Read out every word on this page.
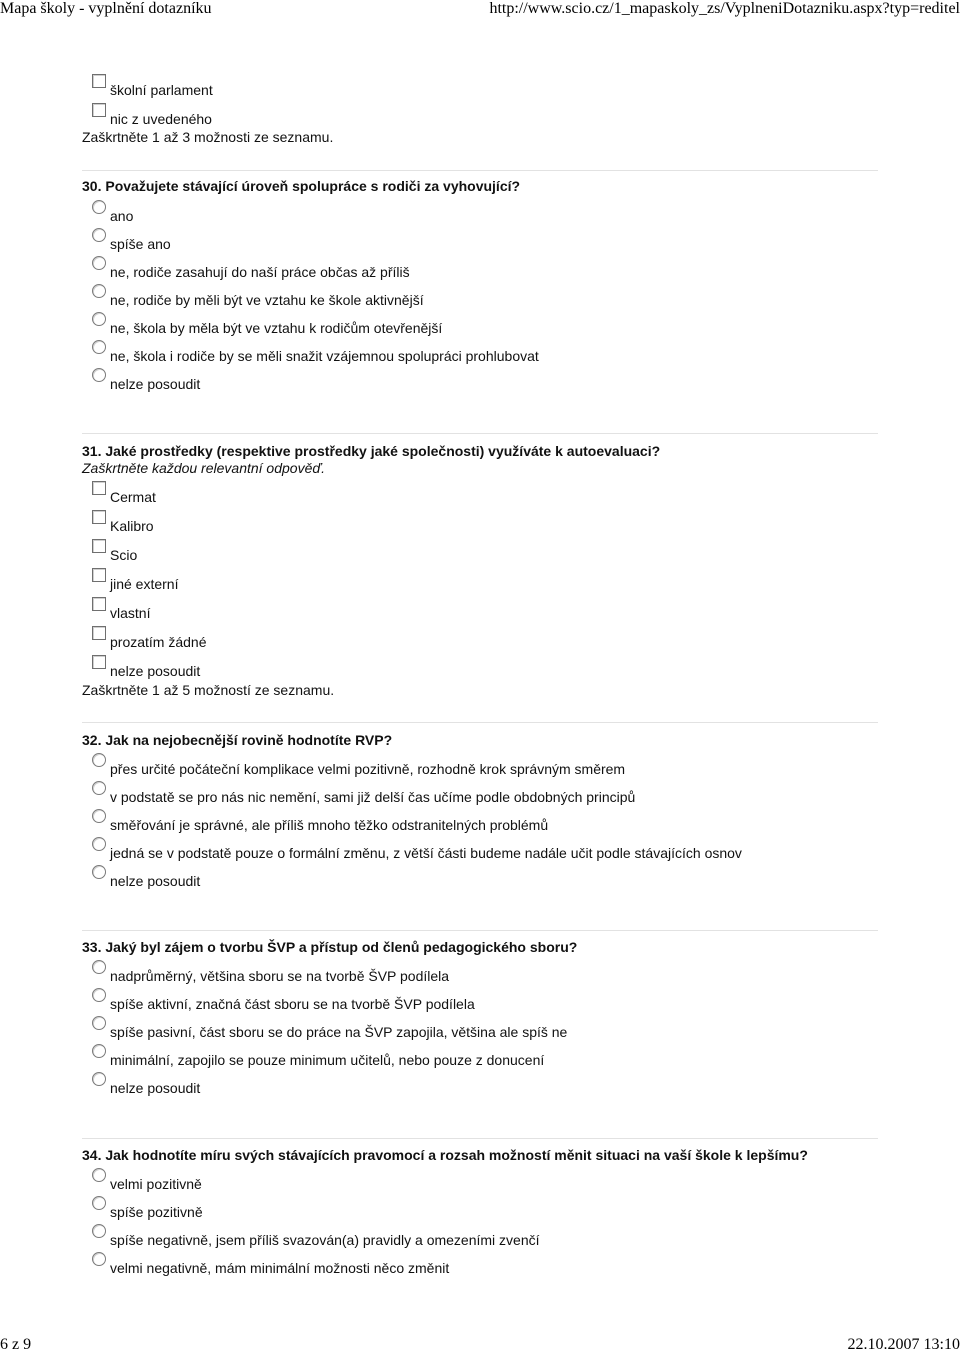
Mapa školy - vyplnění dotazníku	http://www.scio.cz/1_mapaskoly_zs/VyplneniDotazniku.aspx?typ=reditel
školní parlament
nic z uvedeného
Zaškrtněte 1 až 3 možnosti ze seznamu.
30. Považujete stávající úroveň spolupráce s rodiči za vyhovující?
ano
spíše ano
ne, rodiče zasahují do naší práce občas až příliš
ne, rodiče by měli být ve vztahu ke škole aktivnější
ne, škola by měla být ve vztahu k rodičům otevřenější
ne, škola i rodiče by se měli snažit vzájemnou spolupráci prohlubovat
nelze posoudit
31. Jaké prostředky (respektive prostředky jaké společnosti) využíváte k autoevaluaci?
Zaškrtněte každou relevantní odpověď.
Cermat
Kalibro
Scio
jiné externí
vlastní
prozatím žádné
nelze posoudit
Zaškrtněte 1 až 5 možností ze seznamu.
32. Jak na nejobecnější rovině hodnotíte RVP?
přes určité počáteční komplikace velmi pozitivně, rozhodně krok správným směrem
v podstatě se pro nás nic nemění, sami již delší čas učíme podle obdobných principů
směřování je správné, ale příliš mnoho těžko odstranitelných problémů
jedná se v podstatě pouze o formální změnu, z větší části budeme nadále učit podle stávajících osnov
nelze posoudit
33. Jaký byl zájem o tvorbu ŠVP a přístup od členů pedagogického sboru?
nadprůměrný, většina sboru se na tvorbě ŠVP podílela
spíše aktivní, značná část sboru se na tvorbě ŠVP podílela
spíše pasivní, část sboru se do práce na ŠVP zapojila, většina ale spíš ne
minimální, zapojilo se pouze minimum učitelů, nebo pouze z donucení
nelze posoudit
34. Jak hodnotíte míru svých stávajících pravomocí a rozsah možností měnit situaci na vaší škole k lepšímu?
velmi pozitivně
spíše pozitivně
spíše negativně, jsem příliš svazován(a) pravidly a omezeními zvenčí
velmi negativně, mám minimální možnosti něco změnit
6 z 9	22.10.2007 13:10
